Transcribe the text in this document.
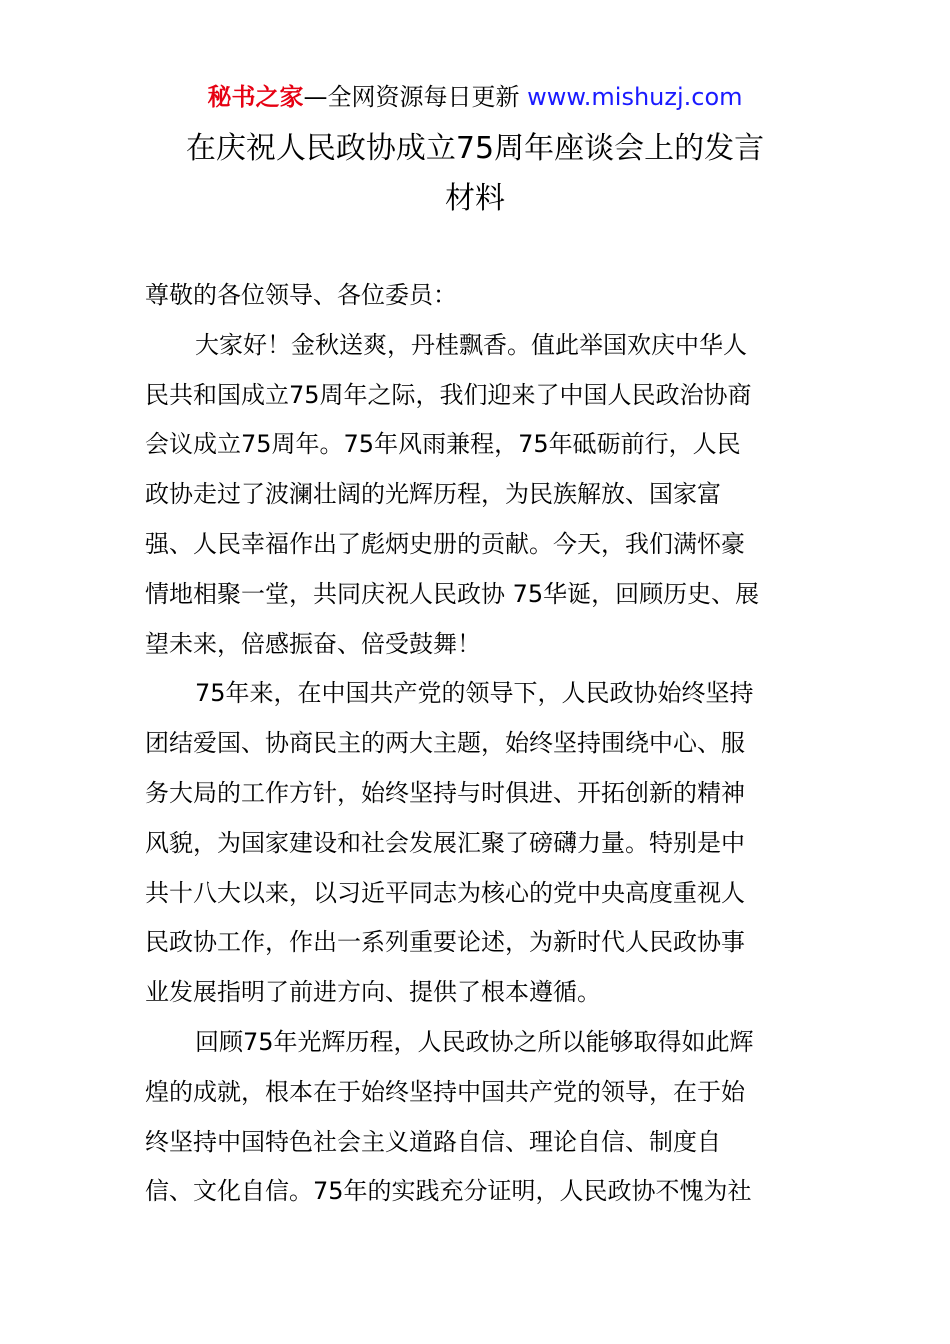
秘书之家—全网资源每日更新 www.mishuzj.com
在庆祝人民政协成立75周年座谈会上的发言
材料
尊敬的各位领导、各位委员：
大家好！金秋送爽，丹桂飘香。值此举国欢庆中华人
民共和国成立75周年之际，我们迎来了中国人民政治协商
会议成立75周年。75年风雨兼程，75年砥砺前行，人民
政协走过了波澜壮阔的光辉历程，为民族解放、国家富
强、人民幸福作出了彪炳史册的贡献。今天，我们满怀豪
情地相聚一堂，共同庆祝人民政协 75华诞，回顾历史、展
望未来，倍感振奋、倍受鼓舞！
75年来，在中国共产党的领导下，人民政协始终坚持
团结爱国、协商民主的两大主题，始终坚持围绕中心、服
务大局的工作方针，始终坚持与时俱进、开拓创新的精神
风貌，为国家建设和社会发展汇聚了磅礴力量。特别是中
共十八大以来，以习近平同志为核心的党中央高度重视人
民政协工作，作出一系列重要论述，为新时代人民政协事
业发展指明了前进方向、提供了根本遵循。
回顾75年光辉历程，人民政协之所以能够取得如此辉
煌的成就，根本在于始终坚持中国共产党的领导，在于始
终坚持中国特色社会主义道路自信、理论自信、制度自
信、文化自信。75年的实践充分证明，人民政协不愧为社
